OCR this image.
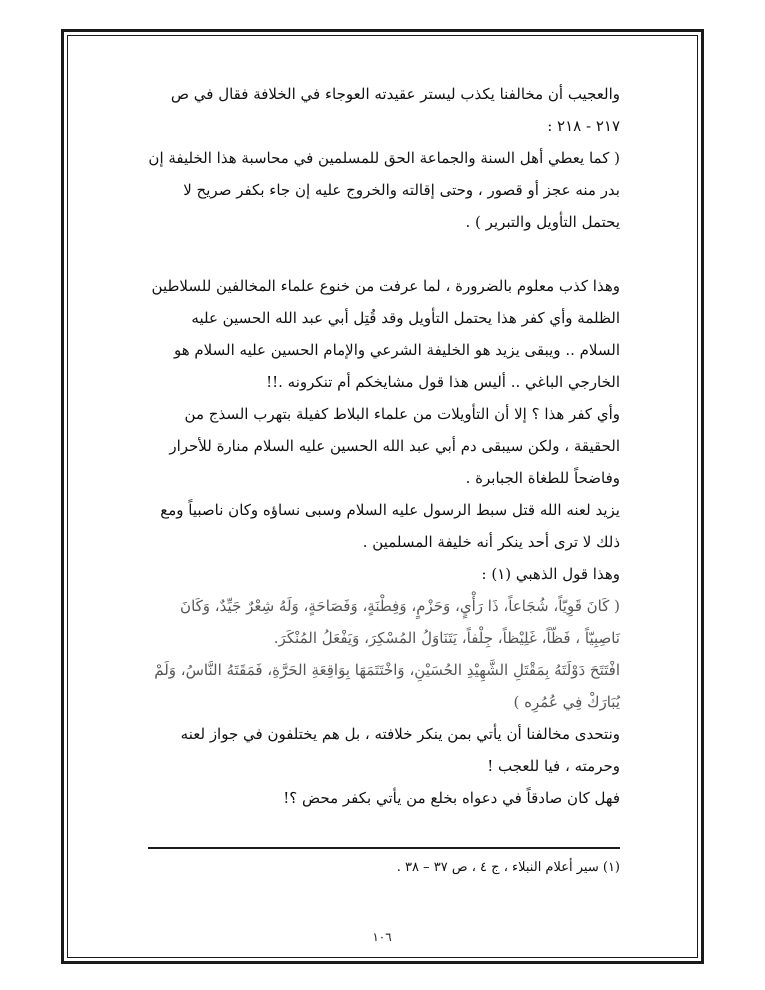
والعجيب أن مخالفنا يكذب ليستر عقيدته العوجاء في الخلافة فقال في ص ٢١٧ - ٢١٨ :

( كما يعطي أهل السنة والجماعة الحق للمسلمين في محاسبة هذا الخليفة إن بدر منه عجز أو قصور ، وحتى إقالته والخروج عليه إن جاء بكفر صريح لا يحتمل التأويل والتبرير ) .

وهذا كذب معلوم بالضرورة ، لما عرفت من خنوع علماء المخالفين للسلاطين الظلمة وأي كفر هذا يحتمل التأويل وقد قُتِل أبي عبد الله الحسين عليه السلام .. ويبقى يزيد هو الخليفة الشرعي والإمام الحسين عليه السلام هو الخارجي الباغي .. أليس هذا قول مشايخكم أم تنكرونه .!!

وأي كفر هذا ؟ إلا أن التأويلات من علماء البلاط كفيلة بتهرب السذج من الحقيقة ، ولكن سيبقى دم أبي عبد الله الحسين عليه السلام منارة للأحرار وفاضحاً للطغاة الجبابرة .

يزيد لعنه الله قتل سبط الرسول عليه السلام وسبى نساؤه وكان ناصبياً ومع ذلك لا ترى أحد ينكر أنه خليفة المسلمين .

وهذا قول الذهبي (١) :

( كَانَ قَوِيّاً، شُجَاعاً، ذَا رَأْيٍ، وَحَزْمٍ، وَفِطْنَةٍ، وَفَصَاحَةٍ، وَلَهُ شِعْرٌ جَيِّدٌ، وَكَانَ نَاصِبِيّاً ، فَظّاً، غَلِيْظاً، جِلْفاً، يَتَنَاوَلُ المُسْكِرَ، وَيَفْعَلُ المُنْكَرَ.

افْتَتَحَ دَوْلَتَهُ بِمَقْتَلِ الشَّهِيْدِ الحُسَيْنِ، وَاخْتَتَمَهَا بِوَاقِعَةِ الحَرَّةِ، فَمَقَتَهُ النَّاسُ، وَلَمْ يُبَارَكْ فِي عُمُرِه )

ونتحدى مخالفنا أن يأتي بمن ينكر خلافته ، بل هم يختلفون في جواز لعنه وحرمته ، فيا للعجب !

فهل كان صادقاً في دعواه بخلع من يأتي بكفر محض ؟!

(١) سير أعلام النبلاء ، ج ٤ ، ص ٣٧ – ٣٨ .
١٠٦
